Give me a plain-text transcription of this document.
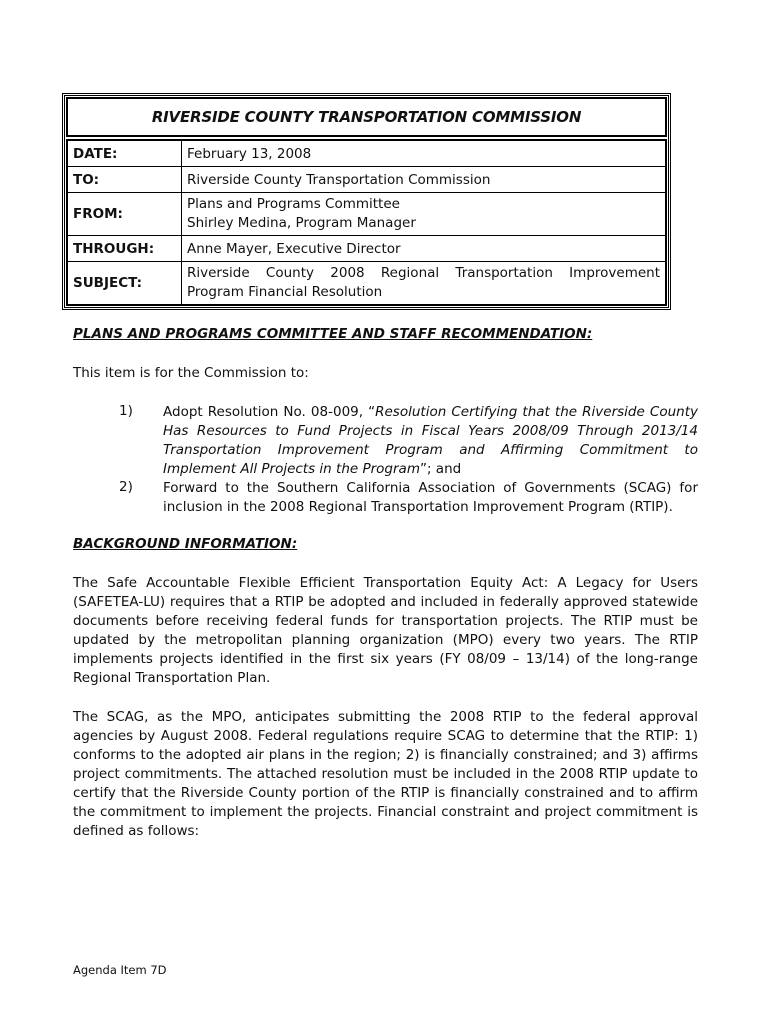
RIVERSIDE COUNTY TRANSPORTATION COMMISSION
DATE:	February 13, 2008
TO:	Riverside County Transportation Commission
FROM:	Plans and Programs Committee
Shirley Medina, Program Manager

THROUGH:	Anne Mayer, Executive Director
SUBJECT:	Riverside County 2008 Regional Transportation Improvement Program Financial Resolution
PLANS AND PROGRAMS COMMITTEE AND STAFF RECOMMENDATION:
This item is for the Commission to:
1) Adopt Resolution No. 08-009, “Resolution Certifying that the Riverside County Has Resources to Fund Projects in Fiscal Years 2008/09 Through 2013/14 Transportation Improvement Program and Affirming Commitment to Implement All Projects in the Program”; and
2) Forward to the Southern California Association of Governments (SCAG) for inclusion in the 2008 Regional Transportation Improvement Program (RTIP).
BACKGROUND INFORMATION:
The Safe Accountable Flexible Efficient Transportation Equity Act: A Legacy for Users (SAFETEA-LU) requires that a RTIP be adopted and included in federally approved statewide documents before receiving federal funds for transportation projects. The RTIP must be updated by the metropolitan planning organization (MPO) every two years. The RTIP implements projects identified in the first six years (FY 08/09 – 13/14) of the long-range Regional Transportation Plan.
The SCAG, as the MPO, anticipates submitting the 2008 RTIP to the federal approval agencies by August 2008. Federal regulations require SCAG to determine that the RTIP: 1) conforms to the adopted air plans in the region; 2) is financially constrained; and 3) affirms project commitments. The attached resolution must be included in the 2008 RTIP update to certify that the Riverside County portion of the RTIP is financially constrained and to affirm the commitment to implement the projects. Financial constraint and project commitment is defined as follows:
Agenda Item 7D
